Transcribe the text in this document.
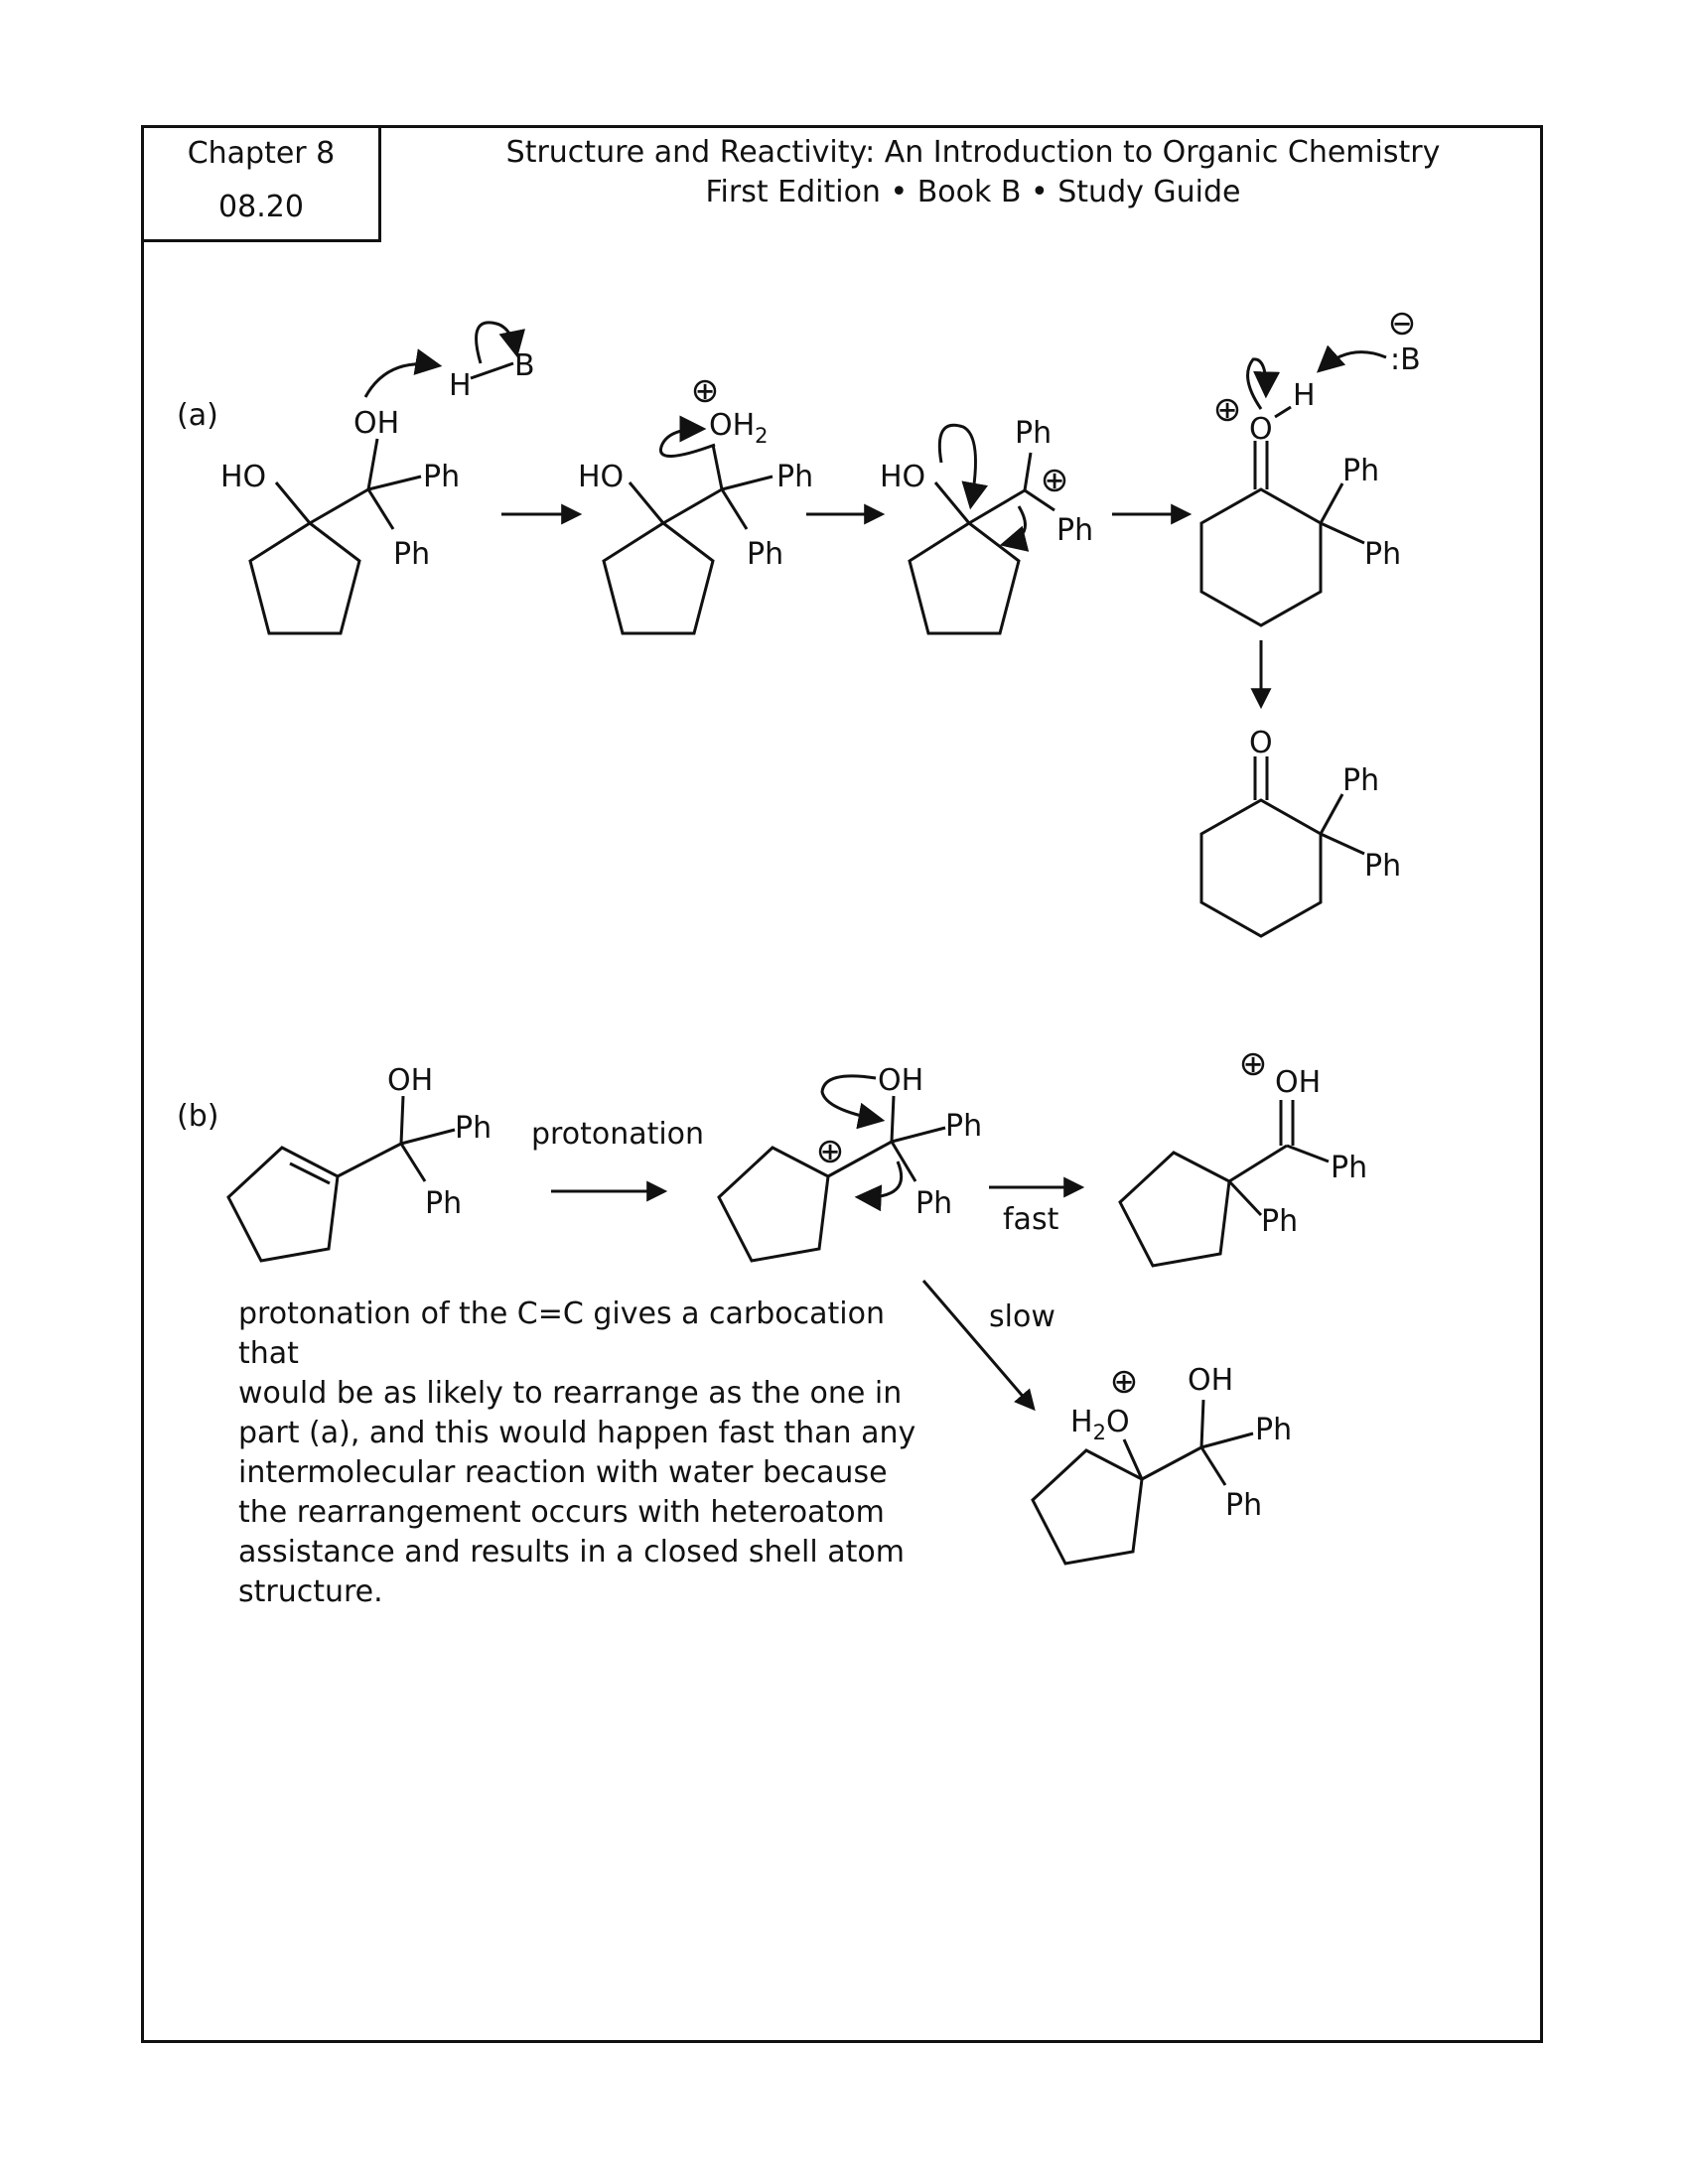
Chapter 8
08.20
Structure and Reactivity: An Introduction to Organic Chemistry
First Edition • Book B • Study Guide
(a)
HO
OH
Ph
Ph
H
B
HO
$OH_2$
Ph
Ph
+
HO
Ph
Ph
+
O
H
Ph
Ph
+
:B
−
O
Ph
Ph
(b)
OH
Ph
Ph
protonation
OH
Ph
Ph
+
fast
OH
+
Ph
Ph
slow
$H_2O$
+ OH
Ph
Ph
protonation of the C=C gives a carbocation that
would be as likely to rearrange as the one in
part (a), and this would happen fast than any
intermolecular reaction with water because
the rearrangement occurs with heteroatom
assistance and results in a closed shell atom
structure.
